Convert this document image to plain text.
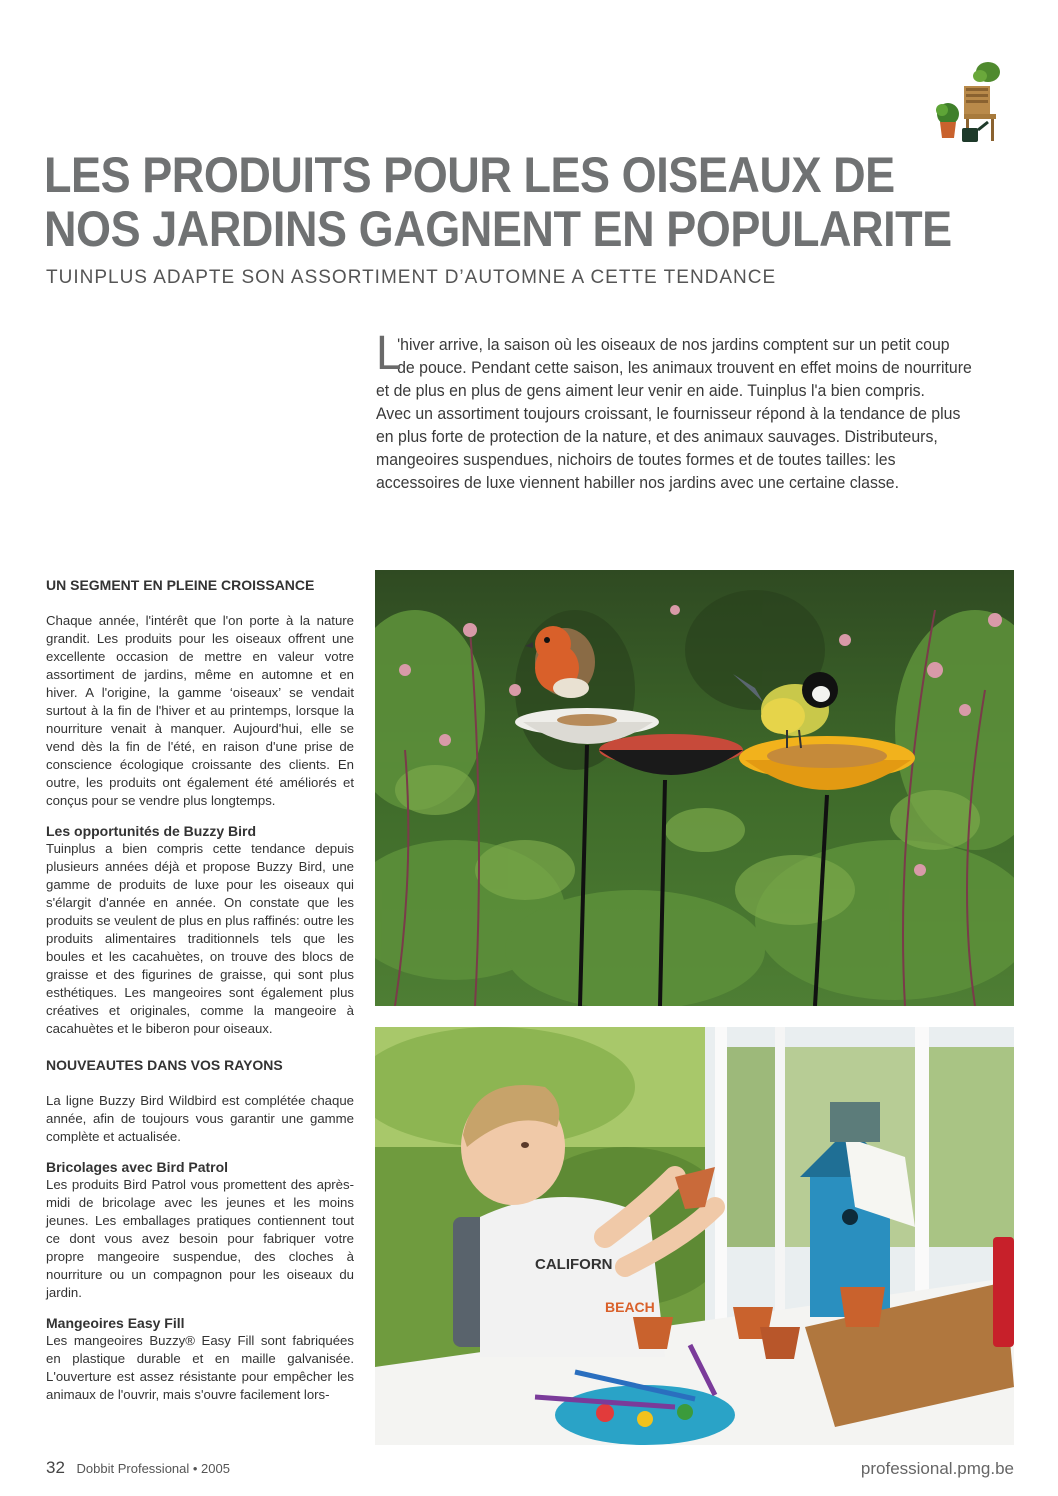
LES PRODUITS POUR LES OISEAUX DE
NOS JARDINS GAGNENT EN POPULARITE

TUINPLUS ADAPTE SON ASSORTIMENT D’AUTOMNE A CETTE TENDANCE

L
'hiver arrive, la saison où les oiseaux de nos jardins comptent sur un petit coup
de pouce. Pendant cette saison, les animaux trouvent en effet moins de nourriture
et de plus en plus de gens aiment leur venir en aide. Tuinplus l'a bien compris.
Avec un assortiment toujours croissant, le fournisseur répond à la tendance de plus
en plus forte de protection de la nature, et des animaux sauvages. Distributeurs,
mangeoires suspendues, nichoirs de toutes formes et de toutes tailles: les
accessoires de luxe viennent habiller nos jardins avec une certaine classe.
UN SEGMENT EN PLEINE CROISSANCE

Chaque année, l'intérêt que l'on porte à la nature grandit. Les produits pour les oiseaux offrent une excellente occasion de mettre en valeur votre assortiment de jardins, même en automne et en hiver. A l'origine, la gamme ‘oiseaux’ se vendait surtout à la fin de l'hiver et au printemps, lorsque la nourriture venait à manquer. Aujourd'hui, elle se vend dès la fin de l'été, en raison d'une prise de conscience écologique croissante des clients. En outre, les produits ont également été améliorés et conçus pour se vendre plus longtemps.

Les opportunités de Buzzy Bird

Tuinplus a bien compris cette tendance depuis plusieurs années déjà et propose Buzzy Bird, une gamme de produits de luxe pour les oiseaux qui s'élargit d'année en année. On constate que les produits se veulent de plus en plus raffinés: outre les produits alimentaires traditionnels tels que les boules et les cacahuètes, on trouve des blocs de graisse et des figurines de graisse, qui sont plus esthétiques. Les mangeoires sont également plus créatives et originales, comme la mangeoire à cacahuètes et le biberon pour oiseaux.

NOUVEAUTES DANS VOS RAYONS

La ligne Buzzy Bird Wildbird est complétée chaque année, afin de toujours vous garantir une gamme complète et actualisée.

Bricolages avec Bird Patrol

Les produits Bird Patrol vous promettent des après-midi de bricolage avec les jeunes et les moins jeunes. Les emballages pratiques contiennent tout ce dont vous avez besoin pour fabriquer votre propre mangeoire suspendue, des cloches à nourriture ou un compagnon pour les oiseaux du jardin.

Mangeoires Easy Fill

Les mangeoires Buzzy® Easy Fill sont fabriquées en plastique durable et en maille galvanisée. L'ouverture est assez résistante pour empêcher les animaux de l'ouvrir, mais s'ouvre facilement lors-

CALIFORN
BEACH
32 Dobbit Professional • 2005	professional.pmg.be
